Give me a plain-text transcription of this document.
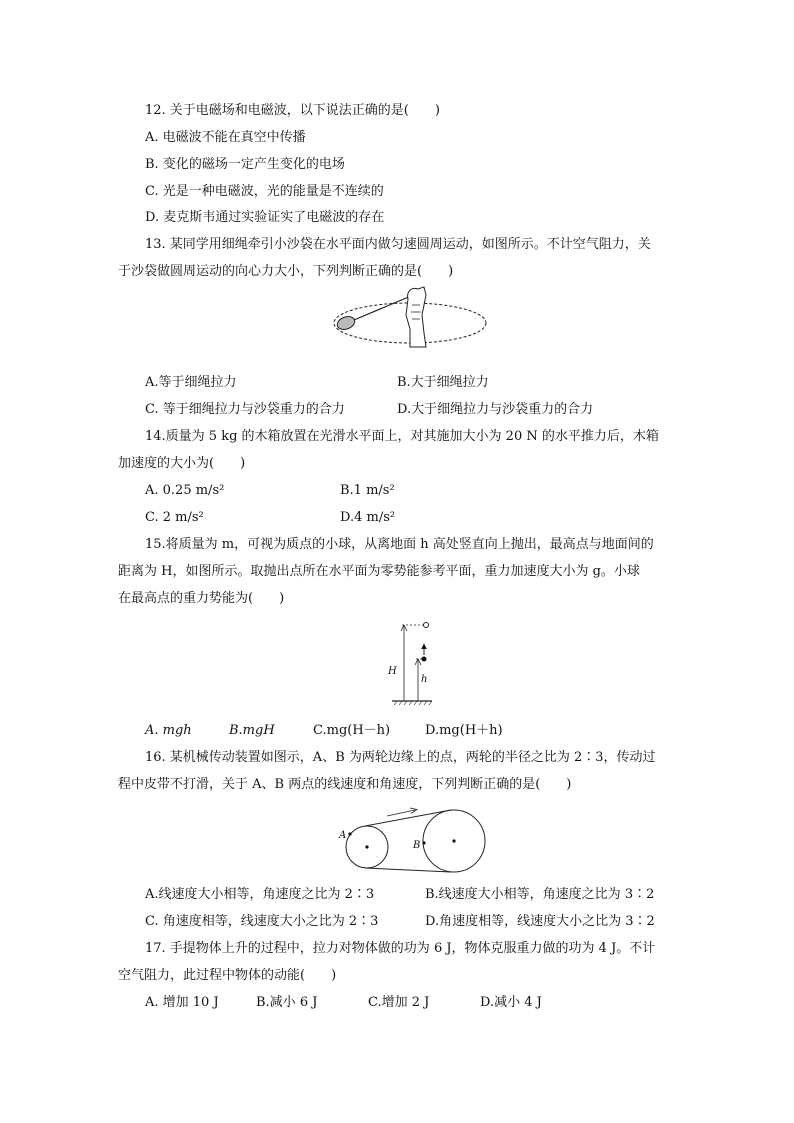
12. 关于电磁场和电磁波，以下说法正确的是(　　)
A. 电磁波不能在真空中传播
B. 变化的磁场一定产生变化的电场
C. 光是一种电磁波，光的能量是不连续的
D. 麦克斯韦通过实验证实了电磁波的存在
13. 某同学用细绳牵引小沙袋在水平面内做匀速圆周运动，如图所示。不计空气阻力，关
于沙袋做圆周运动的向心力大小，下列判断正确的是(　　)
A.等于细绳拉力	B.大于细绳拉力
C. 等于细绳拉力与沙袋重力的合力	D.大于细绳拉力与沙袋重力的合力
14.质量为 5 kg 的木箱放置在光滑水平面上，对其施加大小为 20 N 的水平推力后，木箱
加速度的大小为(　　)
A. 0.25 m/s²	B.1 m/s²
C. 2 m/s²	D.4 m/s²
15.将质量为 m，可视为质点的小球，从离地面 h 高处竖直向上抛出，最高点与地面间的
距离为 H，如图所示。取抛出点所在水平面为零势能参考平面，重力加速度大小为 g。小球
在最高点的重力势能为(　　)
H
h
A. mgh	B.mgH	C.mg(H－h)	D.mg(H＋h)
16. 某机械传动装置如图示，A、B 为两轮边缘上的点，两轮的半径之比为 2∶3，传动过
程中皮带不打滑，关于 A、B 两点的线速度和角速度，下列判断正确的是(　　)
A
B
A.线速度大小相等，角速度之比为 2∶3	B.线速度大小相等，角速度之比为 3∶2
C. 角速度相等，线速度大小之比为 2∶3	D.角速度相等，线速度大小之比为 3∶2
17. 手提物体上升的过程中，拉力对物体做的功为 6 J，物体克服重力做的功为 4 J。不计
空气阻力，此过程中物体的动能(　　)
A. 增加 10 J	B.减小 6 J	C.增加 2 J	D.减小 4 J
